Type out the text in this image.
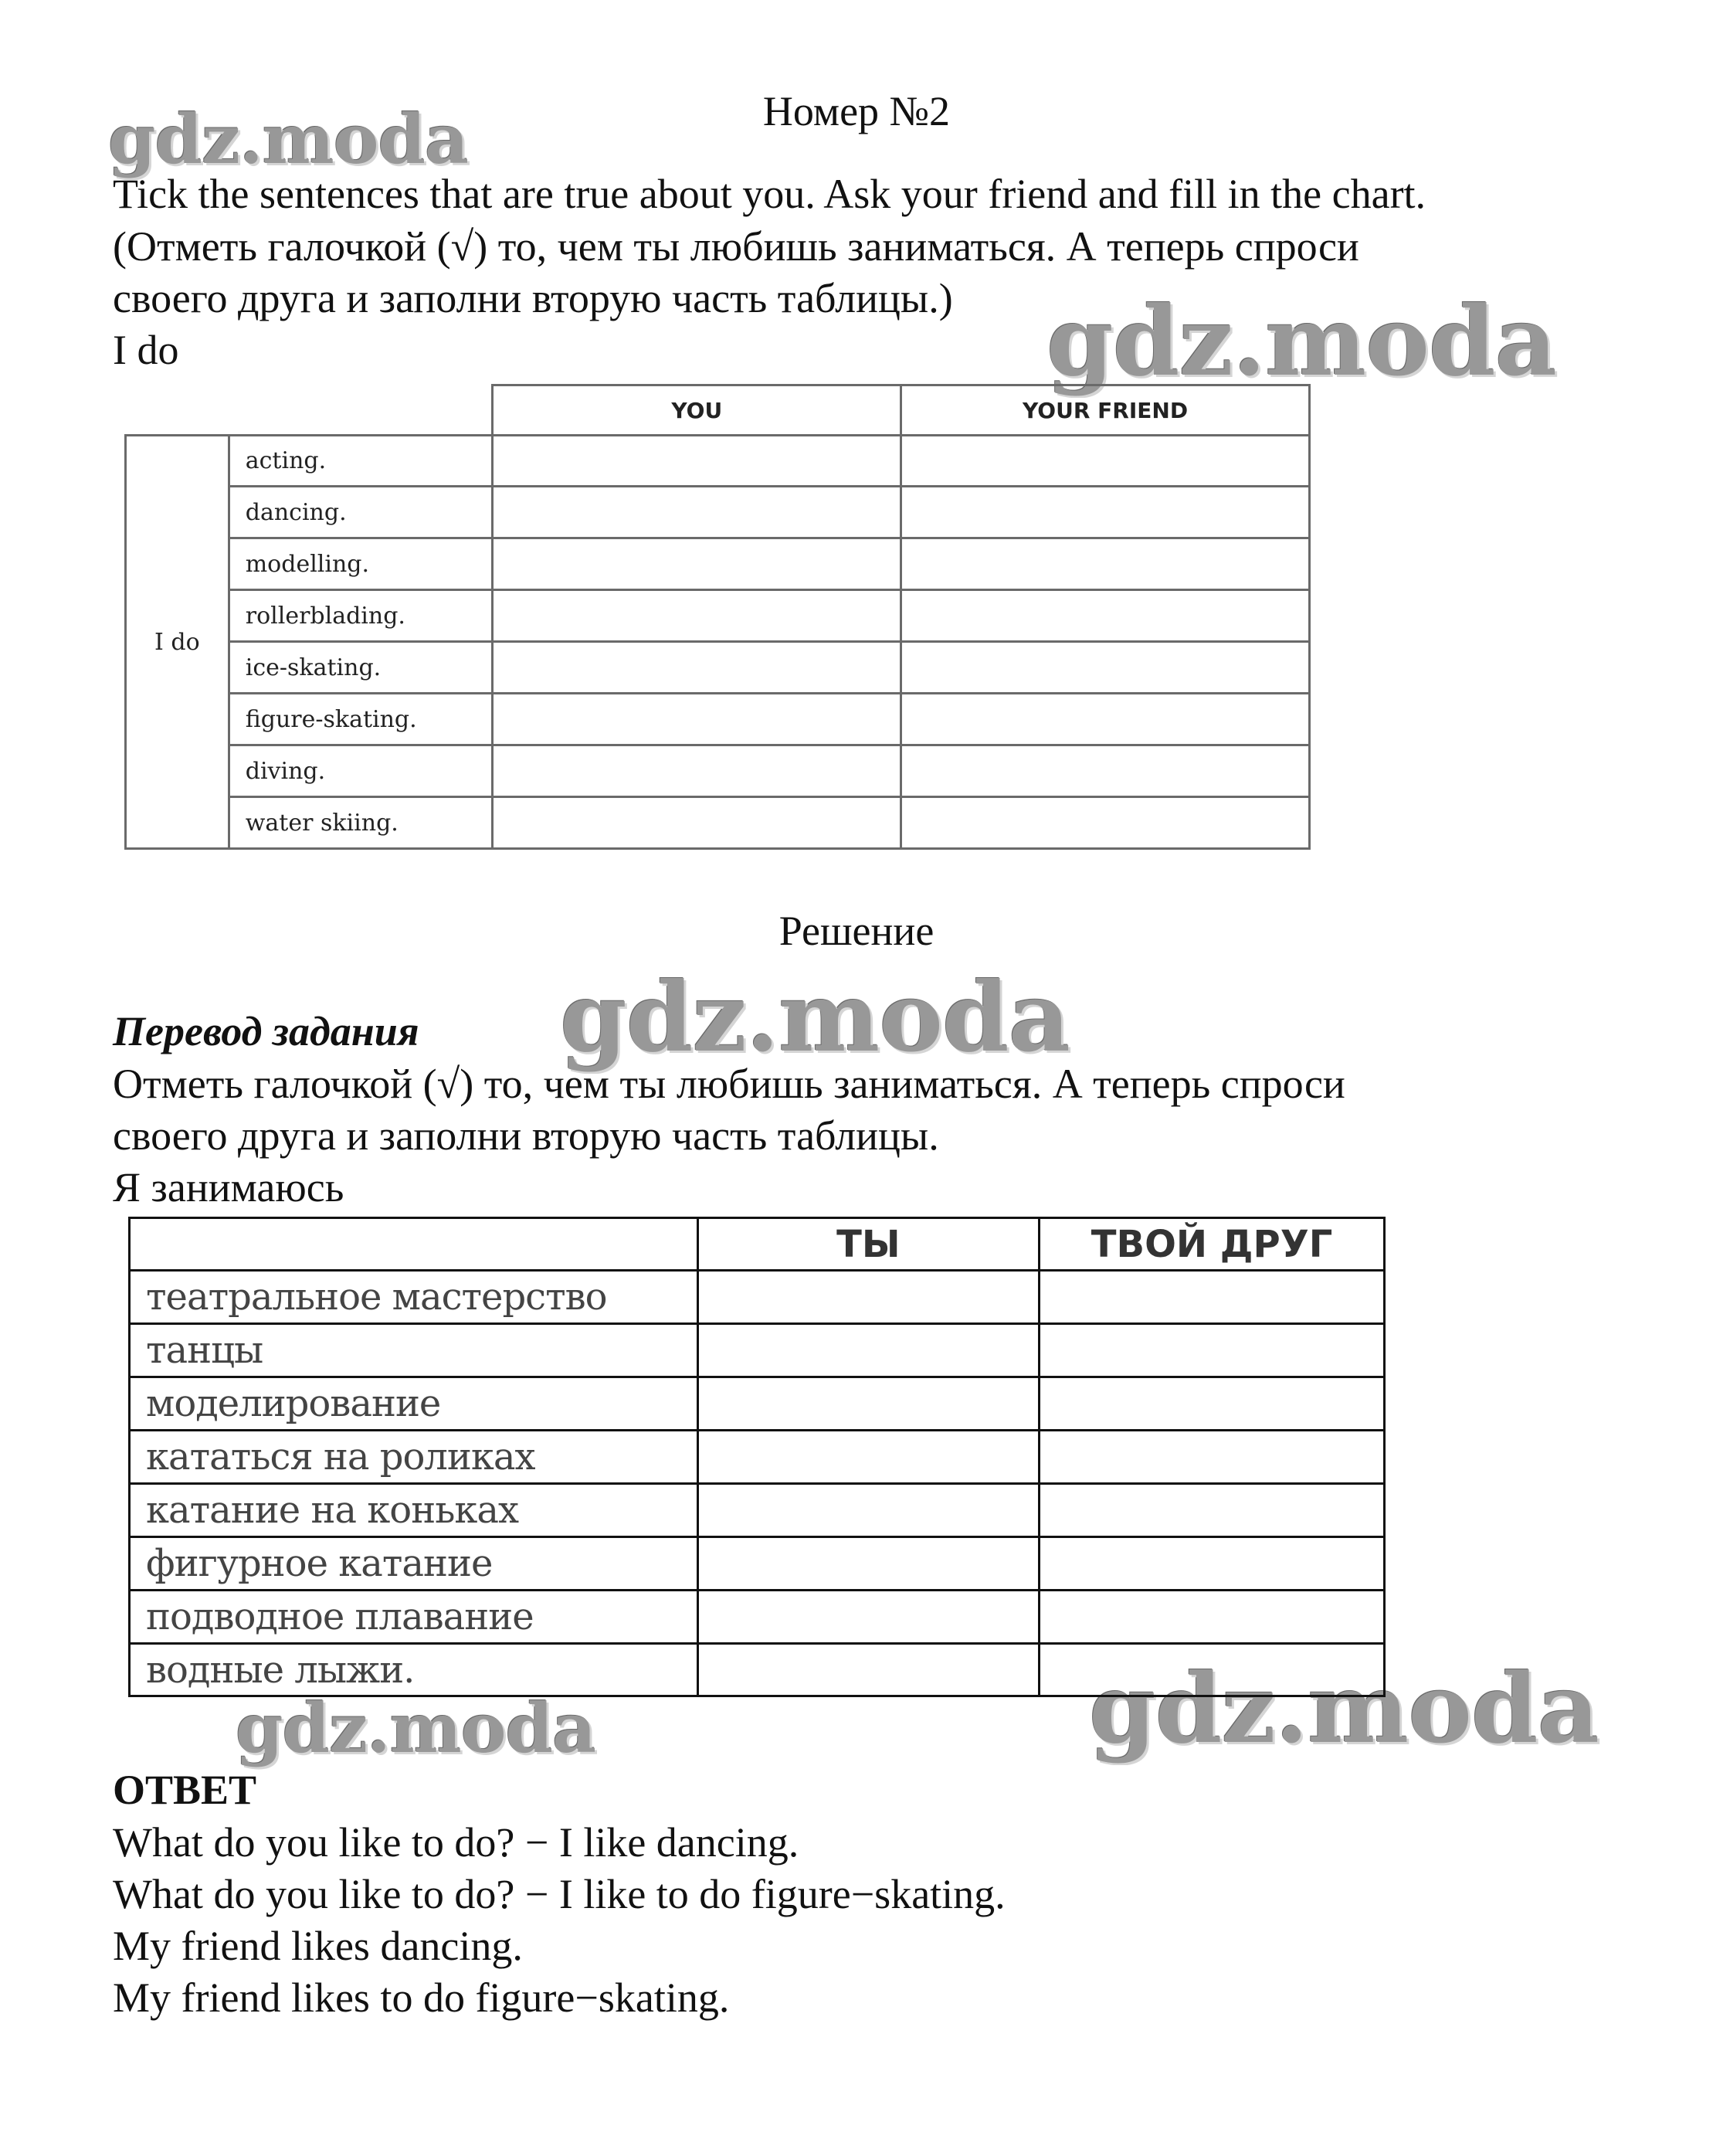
gdz.moda
gdz.moda
gdz.moda
gdz.moda	gdz.moda
Номер №2
Tick the sentences that are true about you. Ask your friend and fill in the chart.
(Отметь галочкой (√) то, чем ты любишь заниматься. А теперь спроси
своего друга и заполни вторую часть таблицы.)
I do
		YOU	YOUR FRIEND
I do	acting.		
	dancing.		
	modelling.		
	rollerblading.		
	ice-skating.		
	figure-skating.		
	diving.		
	water skiing.		
Решение
Перевод задания
Отметь галочкой (√) то, чем ты любишь заниматься. А теперь спроси
своего друга и заполни вторую часть таблицы.
Я занимаюсь
	ТЫ	ТВОЙ ДРУГ
театральное мастерство		
танцы		
моделирование		
кататься на роликах		
катание на коньках		
фигурное катание		
подводное плавание		
водные лыжи.		
ОТВЕТ
What do you like to do? − I like dancing.
What do you like to do? − I like to do figure−skating.
My friend likes dancing.
My friend likes to do figure−skating.
